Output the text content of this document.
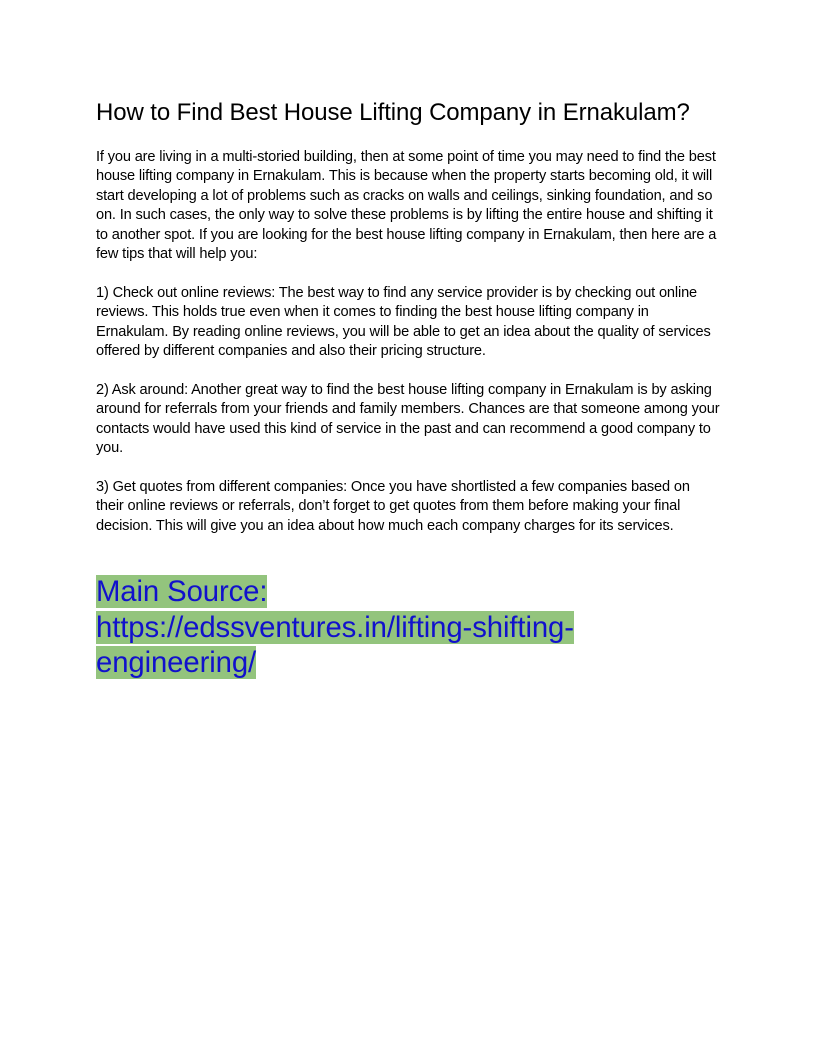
How to Find Best House Lifting Company in Ernakulam?

If you are living in a multi-storied building, then at some point of time you may need to find the best house lifting company in Ernakulam. This is because when the property starts becoming old, it will start developing a lot of problems such as cracks on walls and ceilings, sinking foundation, and so on. In such cases, the only way to solve these problems is by lifting the entire house and shifting it to another spot. If you are looking for the best house lifting company in Ernakulam, then here are a few tips that will help you:

1) Check out online reviews: The best way to find any service provider is by checking out online reviews. This holds true even when it comes to finding the best house lifting company in Ernakulam. By reading online reviews, you will be able to get an idea about the quality of services offered by different companies and also their pricing structure.

2) Ask around: Another great way to find the best house lifting company in Ernakulam is by asking around for referrals from your friends and family members. Chances are that someone among your contacts would have used this kind of service in the past and can recommend a good company to you.

3) Get quotes from different companies: Once you have shortlisted a few companies based on their online reviews or referrals, don’t forget to get quotes from them before making your final decision. This will give you an idea about how much each company charges for its services.

Main Source:
https://edssventures.in/lifting-shifting-engineering/
